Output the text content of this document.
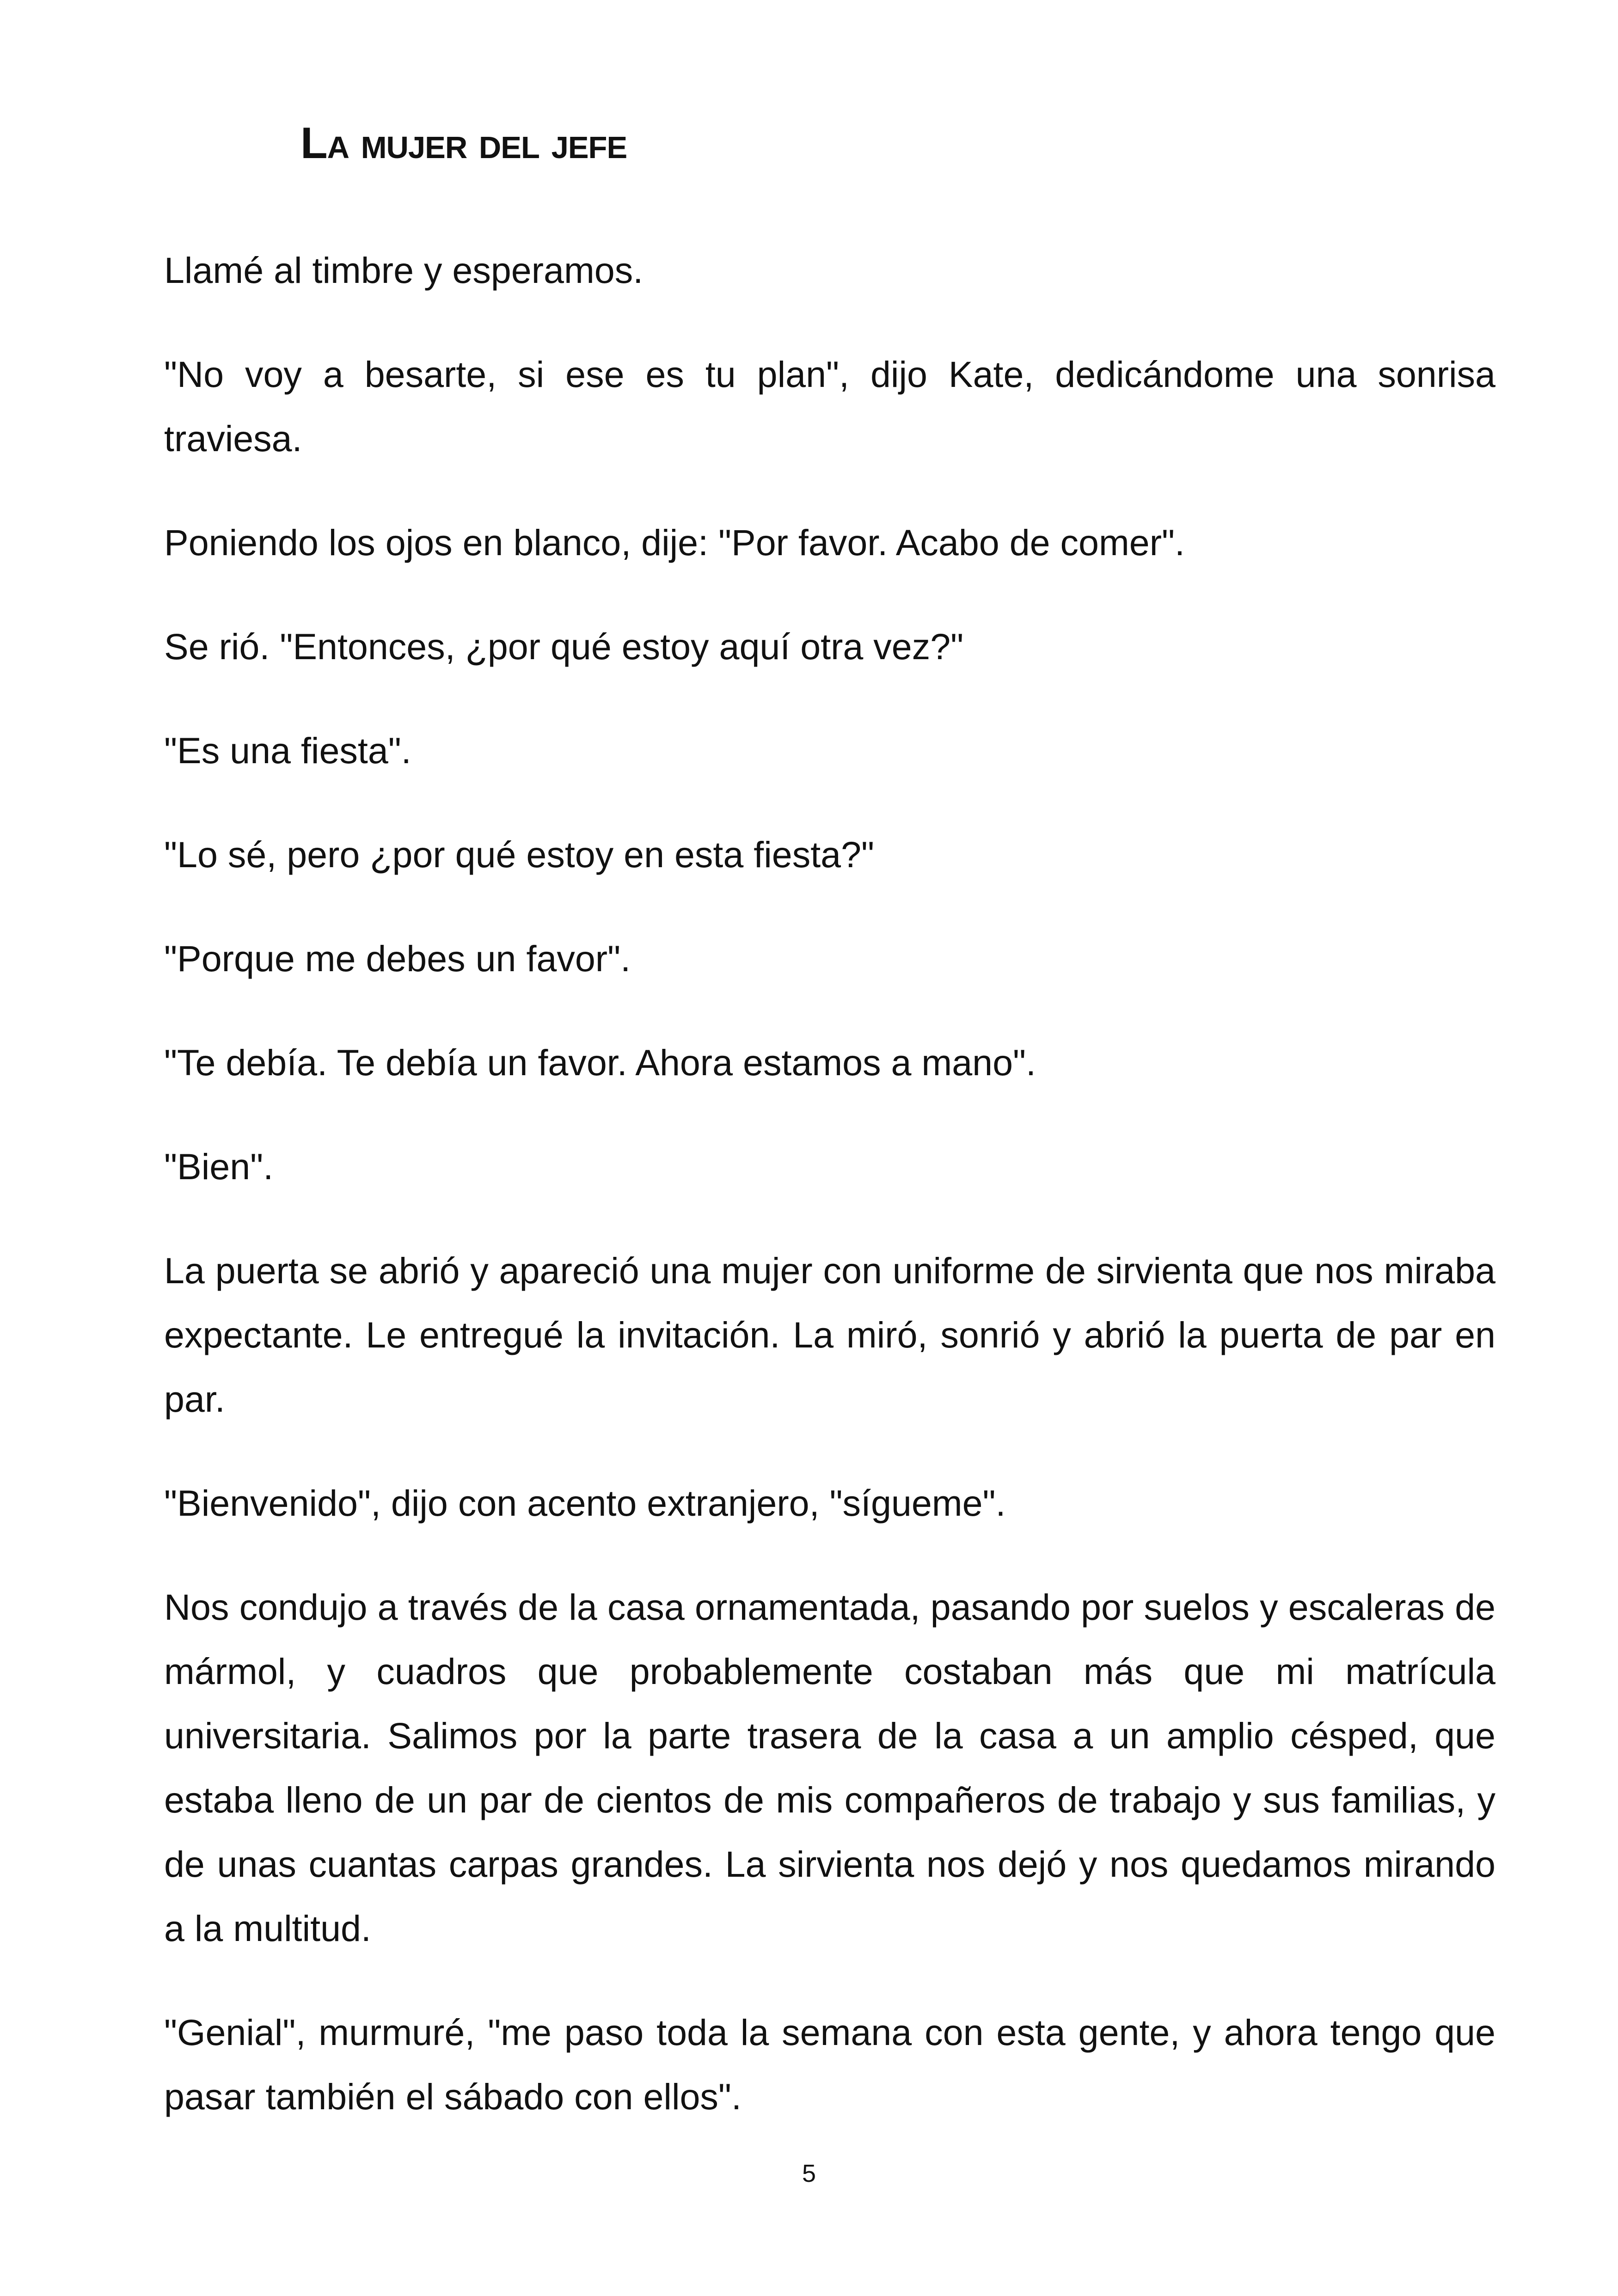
La mujer del jefe

Llamé al timbre y esperamos.

"No voy a besarte, si ese es tu plan", dijo Kate, dedicándome una sonrisa traviesa.

Poniendo los ojos en blanco, dije: "Por favor. Acabo de comer".

Se rió. "Entonces, ¿por qué estoy aquí otra vez?"

"Es una fiesta".

"Lo sé, pero ¿por qué estoy en esta fiesta?"

"Porque me debes un favor".

"Te debía. Te debía un favor. Ahora estamos a mano".

"Bien".

La puerta se abrió y apareció una mujer con uniforme de sirvienta que nos miraba expectante. Le entregué la invitación. La miró, sonrió y abrió la puerta de par en par.

"Bienvenido", dijo con acento extranjero, "sígueme".

Nos condujo a través de la casa ornamentada, pasando por suelos y escaleras de mármol, y cuadros que probablemente costaban más que mi matrícula universitaria. Salimos por la parte trasera de la casa a un amplio césped, que estaba lleno de un par de cientos de mis compañeros de trabajo y sus familias, y de unas cuantas carpas grandes. La sirvienta nos dejó y nos quedamos mirando a la multitud.

"Genial", murmuré, "me paso toda la semana con esta gente, y ahora tengo que pasar también el sábado con ellos".

5
